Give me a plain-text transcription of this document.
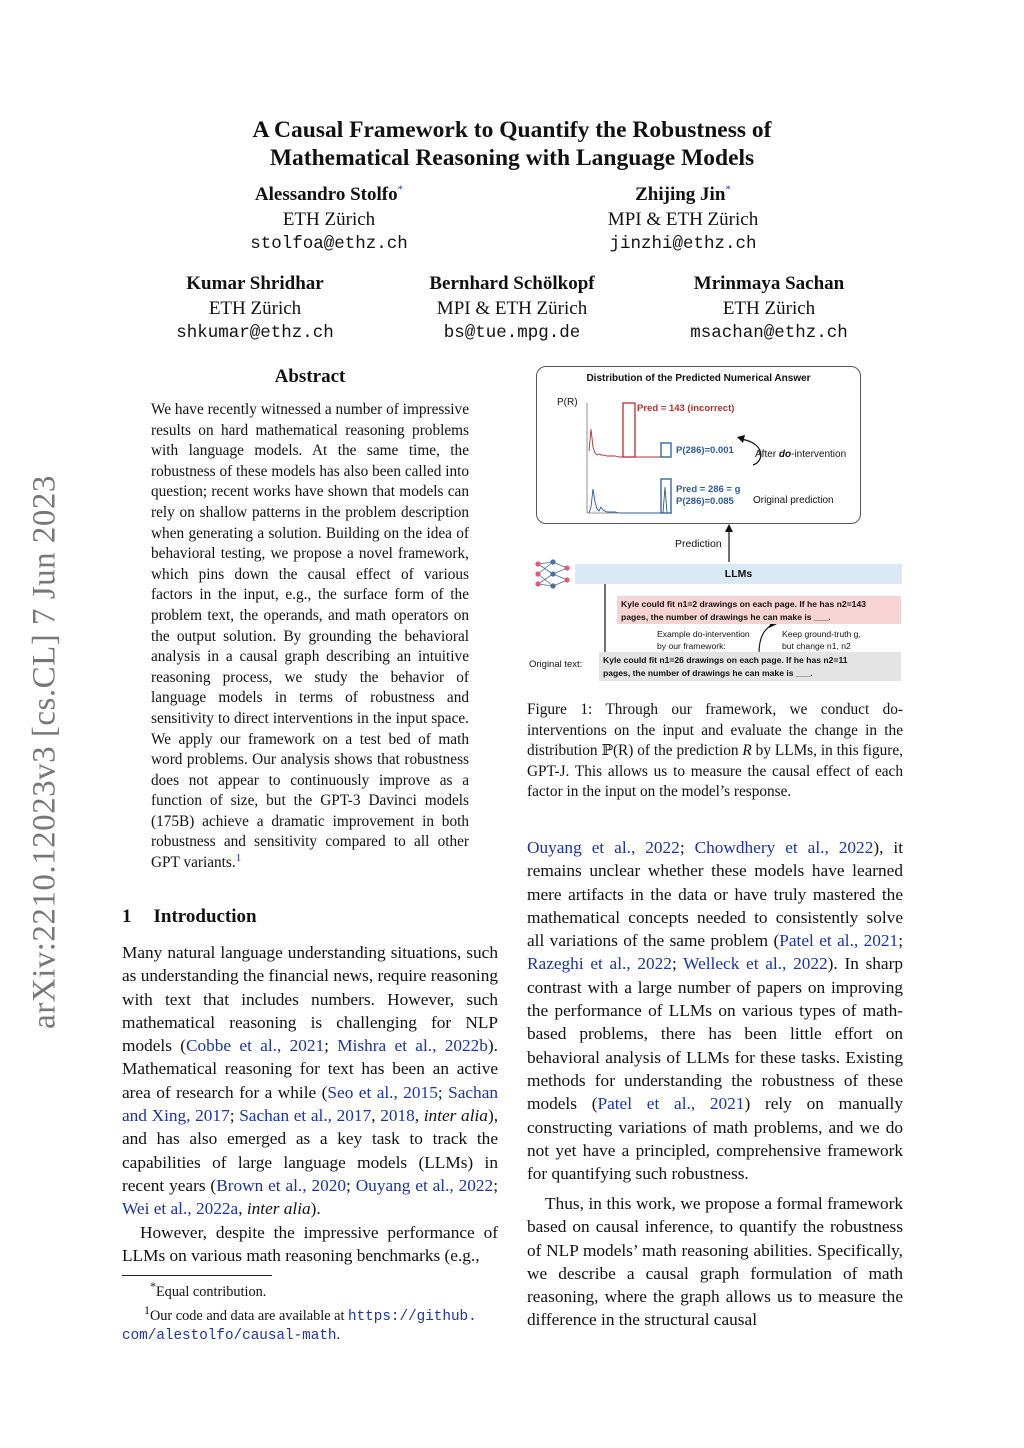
A Causal Framework to Quantify the Robustness of
Mathematical Reasoning with Language Models
Alessandro Stolfo*
ETH Zürich
stolfoa@ethz.ch
Zhijing Jin*
MPI & ETH Zürich
jinzhi@ethz.ch
Kumar Shridhar
ETH Zürich
shkumar@ethz.ch
Bernhard Schölkopf
MPI & ETH Zürich
bs@tue.mpg.de
Mrinmaya Sachan
ETH Zürich
msachan@ethz.ch
arXiv:2210.12023v3 [cs.CL] 7 Jun 2023
Abstract
We have recently witnessed a number of impressive results on hard mathematical reasoning problems with language models. At the same time, the robustness of these models has also been called into question; recent works have shown that models can rely on shallow patterns in the problem description when generating a solution. Building on the idea of behavioral testing, we propose a novel framework, which pins down the causal effect of various factors in the input, e.g., the surface form of the problem text, the operands, and math operators on the output solution. By grounding the behavioral analysis in a causal graph describing an intuitive reasoning process, we study the behavior of language models in terms of robustness and sensitivity to direct interventions in the input space. We apply our framework on a test bed of math word problems. Our analysis shows that robustness does not appear to continuously improve as a function of size, but the GPT-3 Davinci models (175B) achieve a dramatic improvement in both robustness and sensitivity compared to all other GPT variants.$^1$
1 Introduction
Many natural language understanding situations, such as understanding the financial news, require reasoning with text that includes numbers. However, such mathematical reasoning is challenging for NLP models (Cobbe et al., 2021; Mishra et al., 2022b). Mathematical reasoning for text has been an active area of research for a while (Seo et al., 2015; Sachan and Xing, 2017; Sachan et al., 2017, 2018, inter alia), and has also emerged as a key task to track the capabilities of large language models (LLMs) in recent years (Brown et al., 2020; Ouyang et al., 2022; Wei et al., 2022a, inter alia).
However, despite the impressive performance of LLMs on various math reasoning benchmarks (e.g.,
*Equal contribution.
$^1$Our code and data are available at https://github.
com/alestolfo/causal-math.
Distribution of the Predicted Numerical Answer
P(R)
Pred = 143 (incorrect)
P(286)=0.001 After do-intervention
Pred = 286 = g
P(286)=0.085	Original prediction
Prediction
LLMs
Kyle could fit n1=2 drawings on each page. If he has n2=143
pages, the number of drawings he can make is ___.
Example do-intervention
by our framework:
Keep ground-truth g,
but change n1, n2
Original text: Kyle could fit n1=26 drawings on each page. If he has n2=11
pages, the number of drawings he can make is ___.
Figure 1: Through our framework, we conduct do-interventions on the input and evaluate the change in the distribution ℙ(R) of the prediction R by LLMs, in this figure, GPT-J. This allows us to measure the causal effect of each factor in the input on the model’s response.
Ouyang et al., 2022; Chowdhery et al., 2022), it remains unclear whether these models have learned mere artifacts in the data or have truly mastered the mathematical concepts needed to consistently solve all variations of the same problem (Patel et al., 2021; Razeghi et al., 2022; Welleck et al., 2022). In sharp contrast with a large number of papers on improving the performance of LLMs on various types of math-based problems, there has been little effort on behavioral analysis of LLMs for these tasks. Existing methods for understanding the robustness of these models (Patel et al., 2021) rely on manually constructing variations of math problems, and we do not yet have a principled, comprehensive framework for quantifying such robustness.
Thus, in this work, we propose a formal framework based on causal inference, to quantify the robustness of NLP models’ math reasoning abilities. Specifically, we describe a causal graph formulation of math reasoning, where the graph allows us to measure the difference in the structural causal
